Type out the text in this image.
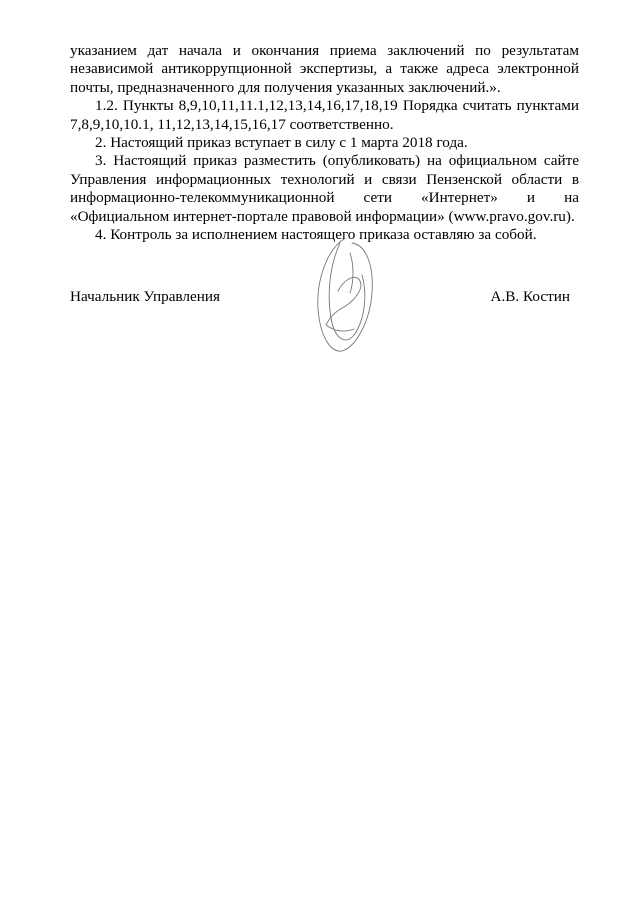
указанием дат начала и окончания приема заключений по результатам независимой антикоррупционной экспертизы, а также адреса электронной почты, предназначенного для получения указанных заключений.».

1.2. Пункты 8,9,10,11,11.1,12,13,14,16,17,18,19 Порядка считать пунктами 7,8,9,10,10.1, 11,12,13,14,15,16,17 соответственно.

2. Настоящий приказ вступает в силу с 1 марта 2018 года.

3. Настоящий приказ разместить (опубликовать) на официальном сайте Управления информационных технологий и связи Пензенской области в информационно-телекоммуникационной сети «Интернет» и на «Официальном интернет-портале правовой информации» (www.pravo.gov.ru).

4. Контроль за исполнением настоящего приказа оставляю за собой.

Начальник Управления	А.В. Костин
